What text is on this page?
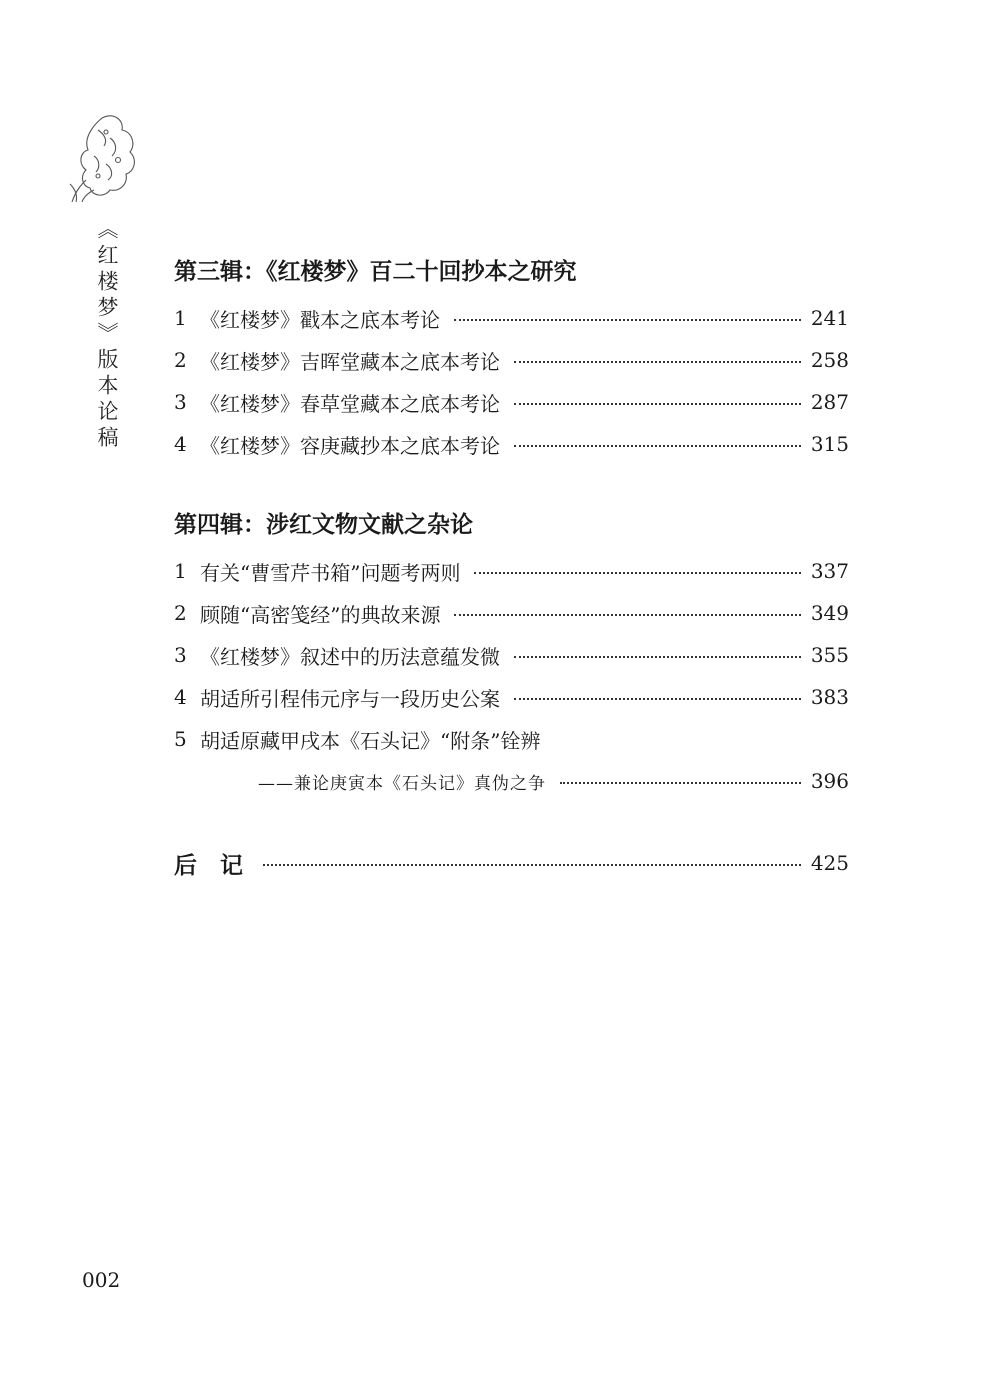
《红楼梦》版本论稿 第三辑：《红楼梦》百二十回抄本之研究
1 《红楼梦》戳本之底本考论	241
2 《红楼梦》吉晖堂藏本之底本考论	258
3 《红楼梦》春草堂藏本之底本考论	287
4 《红楼梦》容庚藏抄本之底本考论	315
第四辑：涉红文物文献之杂论
1 有关“曹雪芹书箱”问题考两则	337
2 顾随“高密笺经”的典故来源	349
3 《红楼梦》叙述中的历法意蕴发微	355
4 胡适所引程伟元序与一段历史公案	383
5 胡适原藏甲戌本《石头记》“附条”铨辨
——兼论庚寅本《石头记》真伪之争	396
后　记	425
002
